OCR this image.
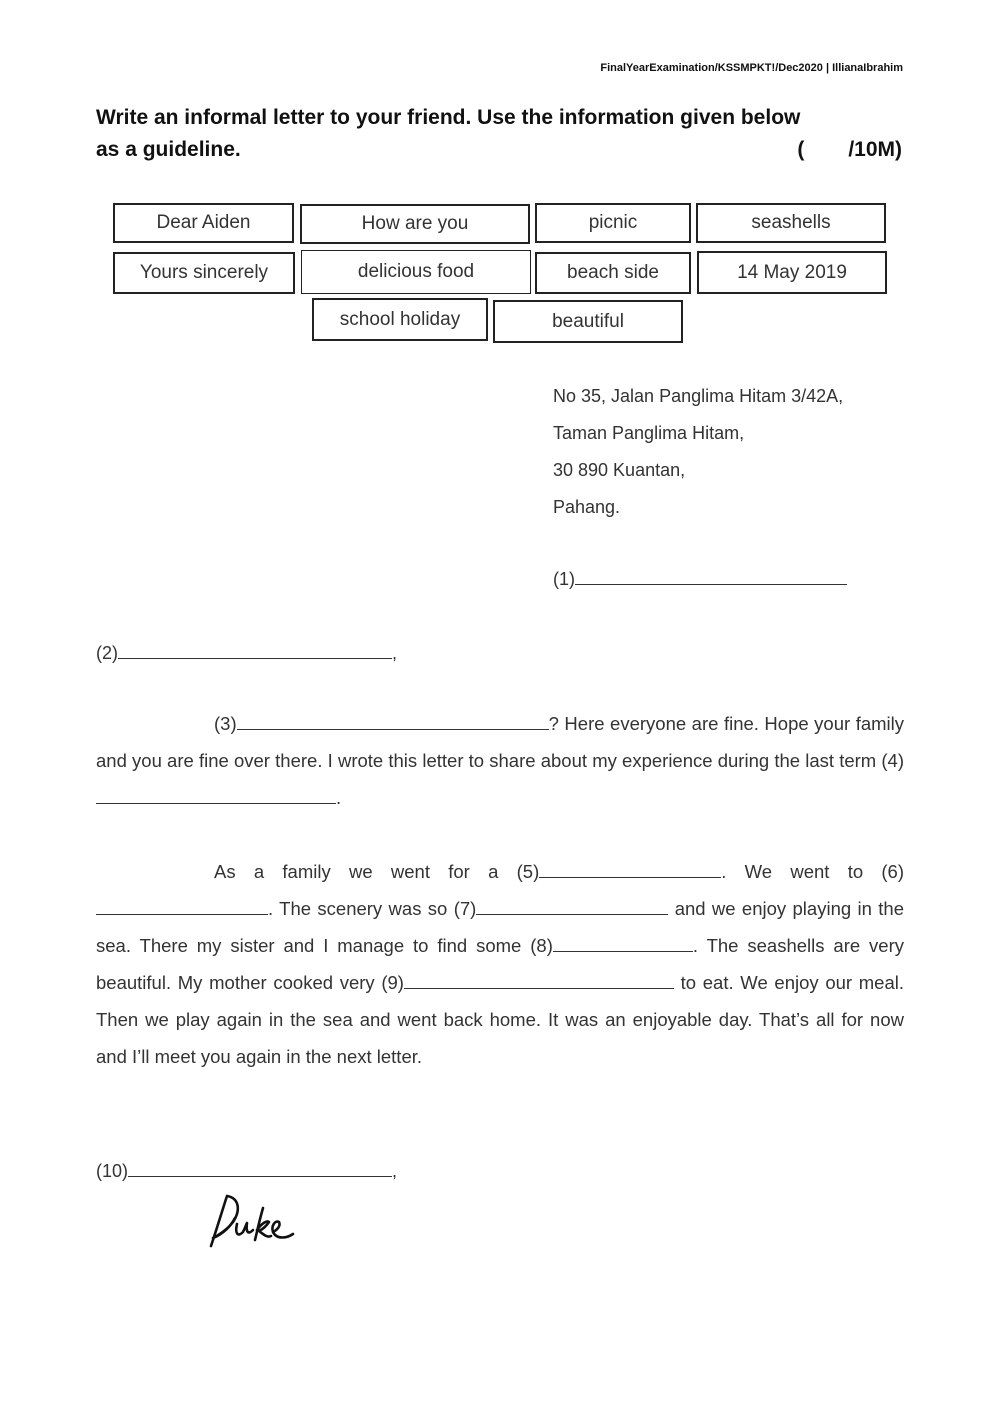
FinalYearExamination/KSSMPKT!/Dec2020 | IllianaIbrahim
Write an informal letter to your friend. Use the information given below
as a guideline.	( /10M)
Dear Aiden	How are you	picnic	seashells
Yours sincerely	delicious food	beach side	14 May 2019
school holiday	beautiful
No 35, Jalan Panglima Hitam 3/42A,
Taman Panglima Hitam,
30 890 Kuantan,
Pahang.
(1)
(2)	,
(3)	? Here everyone are fine. Hope your family and you are fine over there. I wrote this letter to share about my experience during the last term (4).
As a family we went for a (5)	. We went to (6). The scenery was so (7)	and we enjoy playing in the sea. There my sister and I manage to find some (8)	. The seashells are very beautiful. My mother cooked very (9)	to eat. We enjoy our meal. Then we play again in the sea and went back home. It was an enjoyable day. That’s all for now and I’ll meet you again in the next letter.
(10)	,
